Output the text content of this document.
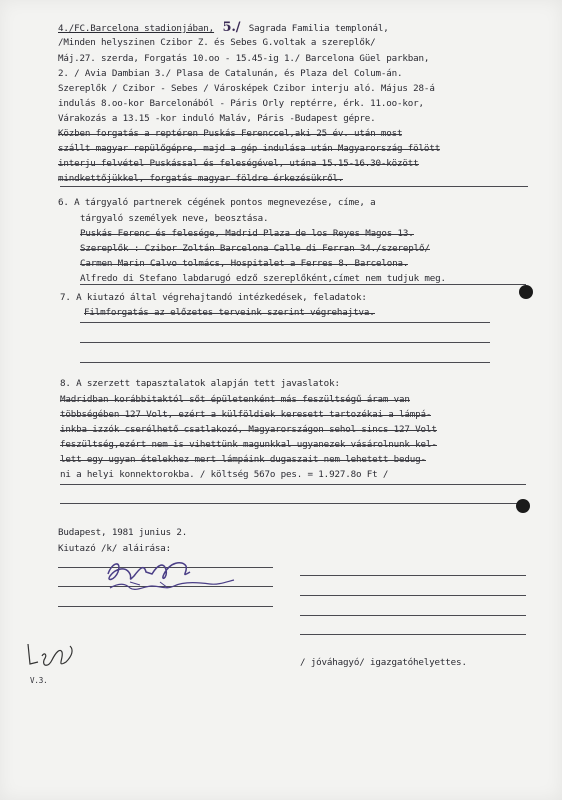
4./FC.Barcelona stadionjában, 5./ Sagrada Familia templonál,
/Minden helyszinen Czibor Z. és Sebes G.voltak a szereplők/
Máj.27. szerda, Forgatás 10.oo - 15.45-ig 1./ Barcelona Güel parkban,
2. / Avia Dambian 3./ Plasa de Catalunán, és Plaza del Colum-án.
Szereplők / Czibor - Sebes / Városképek Czibor interju aló. Május 28-á
indulás 8.oo-kor Barcelonából - Páris Orly reptérre, érk. 11.oo-kor,
Várakozás a 13.15 -kor induló Maláv, Páris -Budapest gépre.
Közben forgatás a reptéren Puskás Ferenccel,aki 25 év. után most
szállt magyar repülőgépre, majd a gép indulása után Magyarország fölött
interju felvétel Puskással és feleségével, utána 15.15-16.30-között
mindkettőjükkel, forgatás magyar földre érkezésükről.
6. A tárgyaló partnerek cégének pontos megnevezése, címe, a
tárgyaló személyek neve, beosztása.
Puskás Ferenc és felesége, Madrid Plaza de los Reyes Magos 13.
Szereplők : Czibor Zoltán Barcelona Calle di Ferran 34./szereplő/
Carmen Marin Calvo tolmács, Hospitalet a Ferres 8. Barcelona.
Alfredo di Stefano labdarugó edző szereplőként,címet nem tudjuk meg.
7. A kiutazó által végrehajtandó intézkedések, feladatok:
Filmforgatás az előzetes terveink szerint végrehajtva.
8. A szerzett tapasztalatok alapján tett javaslatok:
Madridban korábbitaktól sőt épületenként más feszültségű áram van
többségében 127 Volt, ezért a külföldiek keresett tartozékai a lámpá-
inkba izzók cserélhető csatlakozó, Magyarországon sehol sincs 127 Volt
feszültség,ezért nem is vihettünk magunkkal ugyanezek vásárolnunk kel-
lett egy ugyan ételekhez mert lámpáink dugaszait nem lehetett bedug-
ni a helyi konnektorokba. / költség 567o pes. = 1.927.8o Ft /
Budapest, 1981 junius 2.
Kiutazó /k/ aláirása:
V.3.
/ jóváhagyó/ igazgatóhelyettes.
